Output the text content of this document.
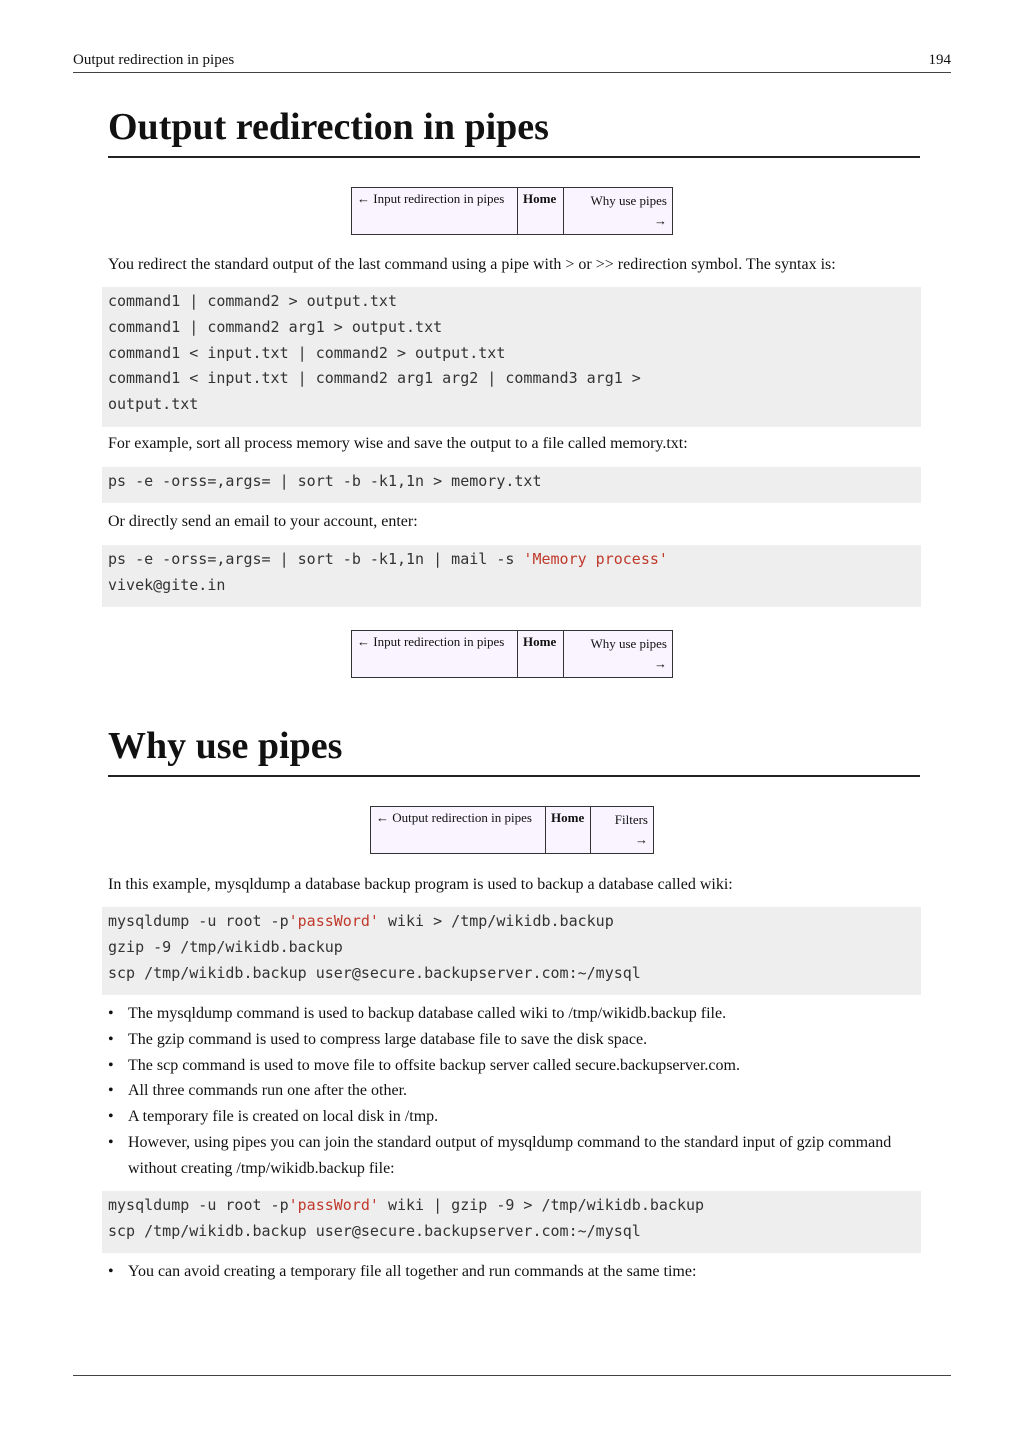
Output redirection in pipes	194
Output redirection in pipes
← Input redirection in pipes	Home	Why use pipes
→

You redirect the standard output of the last command using a pipe with > or >> redirection symbol. The syntax is:

command1 | command2 > output.txt
command1 | command2 arg1 > output.txt
command1 < input.txt | command2 > output.txt
command1 < input.txt | command2 arg1 arg2 | command3 arg1 >
output.txt

For example, sort all process memory wise and save the output to a file called memory.txt:

ps -e -orss=,args= | sort -b -k1,1n > memory.txt

Or directly send an email to your account, enter:

ps -e -orss=,args= | sort -b -k1,1n | mail -s 'Memory process'
vivek@gite.in
← Input redirection in pipes	Home	Why use pipes
→
Why use pipes
← Output redirection in pipes	Home	Filters
→

In this example, mysqldump a database backup program is used to backup a database called wiki:

mysqldump -u root -p'passWord' wiki > /tmp/wikidb.backup
gzip -9 /tmp/wikidb.backup
scp /tmp/wikidb.backup user@secure.backupserver.com:~/mysql
• The mysqldump command is used to backup database called wiki to /tmp/wikidb.backup file.
• The gzip command is used to compress large database file to save the disk space.
• The scp command is used to move file to offsite backup server called secure.backupserver.com.
• All three commands run one after the other.
• A temporary file is created on local disk in /tmp.
• However, using pipes you can join the standard output of mysqldump command to the standard input of gzip command without creating /tmp/wikidb.backup file:
mysqldump -u root -p'passWord' wiki | gzip -9 > /tmp/wikidb.backup
scp /tmp/wikidb.backup user@secure.backupserver.com:~/mysql
• You can avoid creating a temporary file all together and run commands at the same time:
